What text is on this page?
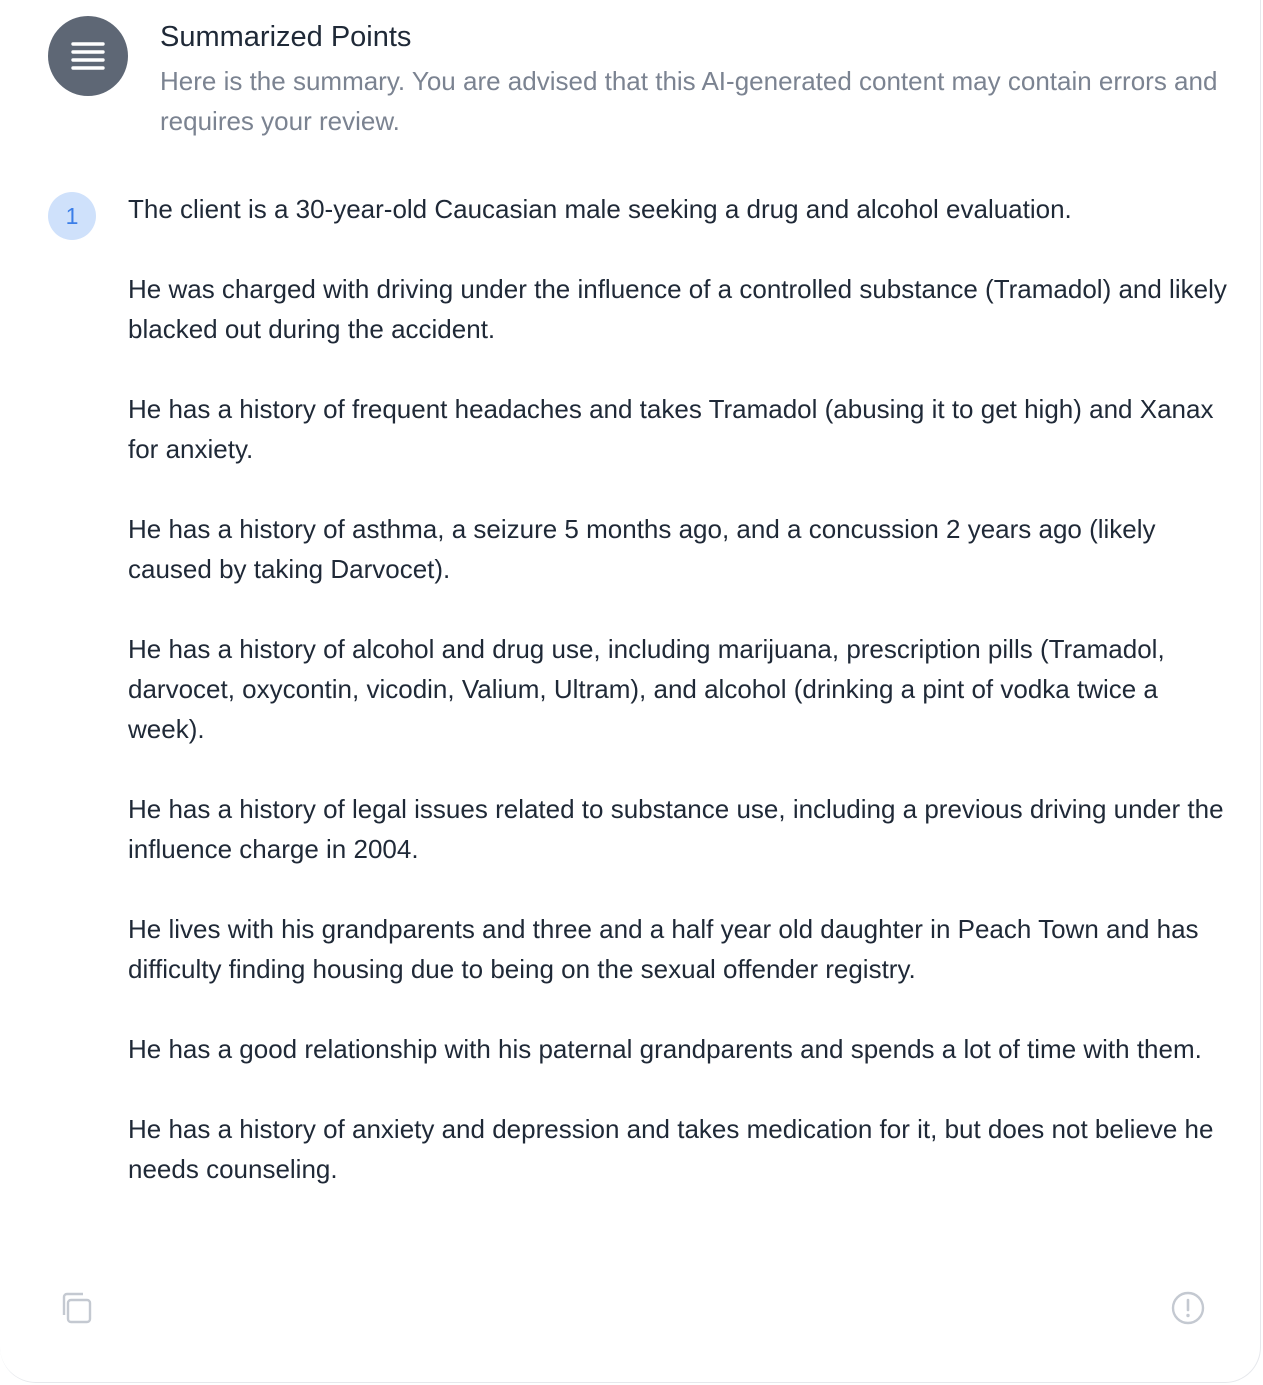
Summarized Points
Here is the summary. You are advised that this AI-generated content may contain errors and requires your review.
1	The client is a 30-year-old Caucasian male seeking a drug and alcohol evaluation.
He was charged with driving under the influence of a controlled substance (Tramadol) and likely blacked out during the accident.
He has a history of frequent headaches and takes Tramadol (abusing it to get high) and Xanax for anxiety.
He has a history of asthma, a seizure 5 months ago, and a concussion 2 years ago (likely caused by taking Darvocet).
He has a history of alcohol and drug use, including marijuana, prescription pills (Tramadol, darvocet, oxycontin, vicodin, Valium, Ultram), and alcohol (drinking a pint of vodka twice a week).
He has a history of legal issues related to substance use, including a previous driving under the influence charge in 2004.
He lives with his grandparents and three and a half year old daughter in Peach Town and has difficulty finding housing due to being on the sexual offender registry.
He has a good relationship with his paternal grandparents and spends a lot of time with them.
He has a history of anxiety and depression and takes medication for it, but does not believe he needs counseling.
